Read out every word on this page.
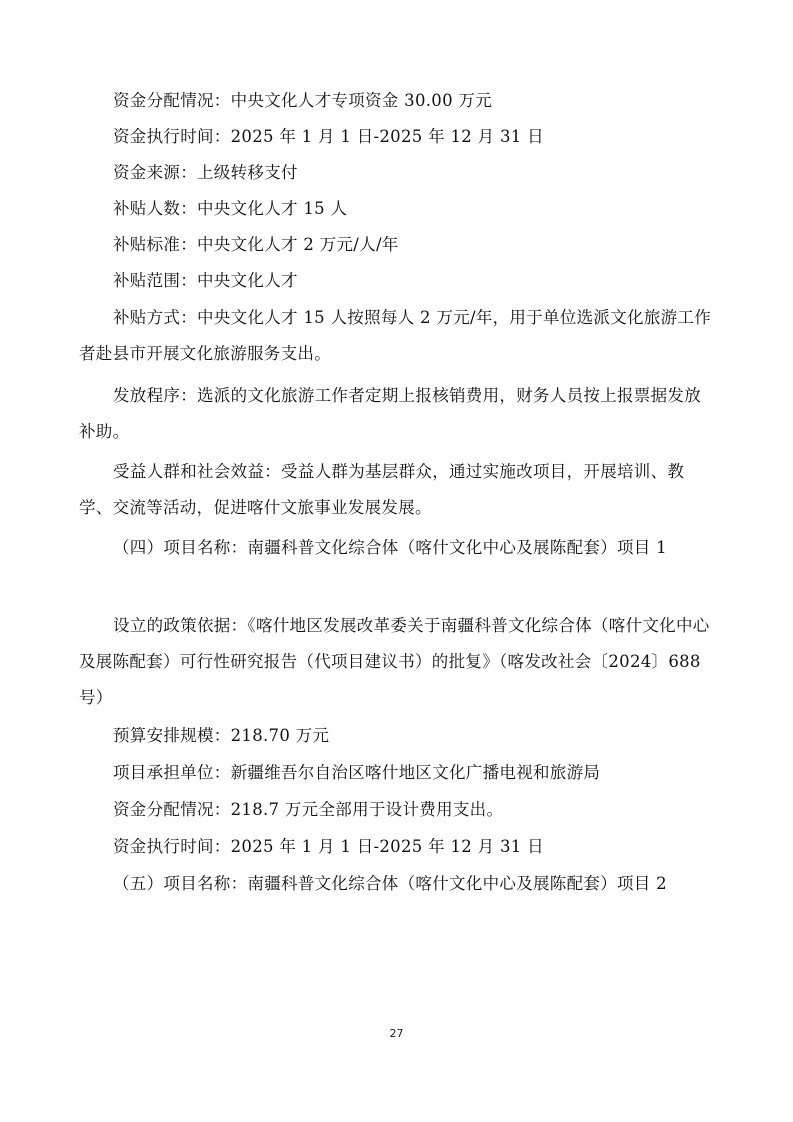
资金分配情况：中央文化人才专项资金 30.00 万元
资金执行时间：2025 年 1 月 1 日-2025 年 12 月 31 日
资金来源：上级转移支付
补贴人数：中央文化人才 15 人
补贴标准：中央文化人才 2 万元/人/年
补贴范围：中央文化人才
补贴方式：中央文化人才 15 人按照每人 2 万元/年，用于单位选派文化旅游工作者赴县市开展文化旅游服务支出。
发放程序：选派的文化旅游工作者定期上报核销费用，财务人员按上报票据发放补助。
受益人群和社会效益：受益人群为基层群众，通过实施改项目，开展培训、教学、交流等活动，促进喀什文旅事业发展发展。
（四）项目名称：南疆科普文化综合体（喀什文化中心及展陈配套）项目 1
设立的政策依据：《喀什地区发展改革委关于南疆科普文化综合体（喀什文化中心及展陈配套）可行性研究报告（代项目建议书）的批复》（喀发改社会〔2024〕688 号）
预算安排规模：218.70 万元
项目承担单位：新疆维吾尔自治区喀什地区文化广播电视和旅游局
资金分配情况：218.7 万元全部用于设计费用支出。
资金执行时间：2025 年 1 月 1 日-2025 年 12 月 31 日
（五）项目名称：南疆科普文化综合体（喀什文化中心及展陈配套）项目 2
27
